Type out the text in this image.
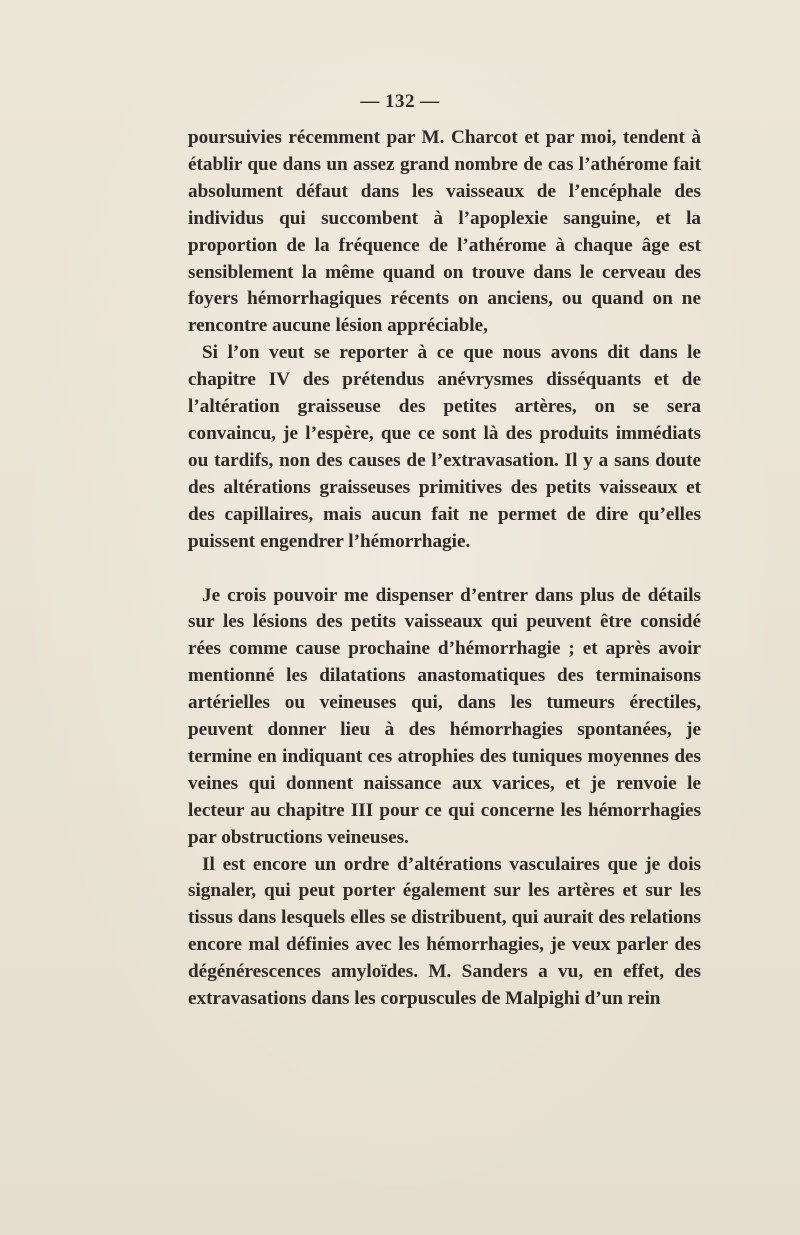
— 132 —

poursuivies récemment par M. Charcot et par moi, tendent à établir que dans un assez grand nombre de cas l’athérome fait absolument défaut dans les vaisseaux de l’encéphale des individus qui succombent à l’apoplexie sanguine, et la proportion de la fréquence de l’athérome à chaque âge est sensiblement la même quand on trouve dans le cerveau des foyers hémorrhagiques récents on anciens, ou quand on ne rencontre aucune lésion appréciable,

Si l’on veut se reporter à ce que nous avons dit dans le chapitre IV des prétendus anévrysmes disséquants et de l’altération graisseuse des petites artères, on se sera convaincu, je l’espère, que ce sont là des produits immédiats ou tardifs, non des causes de l’extravasation. Il y a sans doute des altérations graisseuses primitives des petits vaisseaux et des capillaires, mais aucun fait ne permet de dire qu’elles puissent engendrer l’hémorrhagie.

Je crois pouvoir me dispenser d’entrer dans plus de détails sur les lésions des petits vaisseaux qui peuvent être considé rées comme cause prochaine d’hémorrhagie ; et après avoir mentionné les dilatations anastomatiques des terminaisons artérielles ou veineuses qui, dans les tumeurs érectiles, peuvent donner lieu à des hémorrhagies spontanées, je termine en indiquant ces atrophies des tuniques moyennes des veines qui donnent naissance aux varices, et je renvoie le lecteur au chapitre III pour ce qui concerne les hémorrhagies par obstructions veineuses.

Il est encore un ordre d’altérations vasculaires que je dois signaler, qui peut porter également sur les artères et sur les tissus dans lesquels elles se distribuent, qui aurait des relations encore mal définies avec les hémorrhagies, je veux parler des dégénérescences amyloïdes. M. Sanders a vu, en effet, des extravasations dans les corpuscules de Malpighi d’un rein
